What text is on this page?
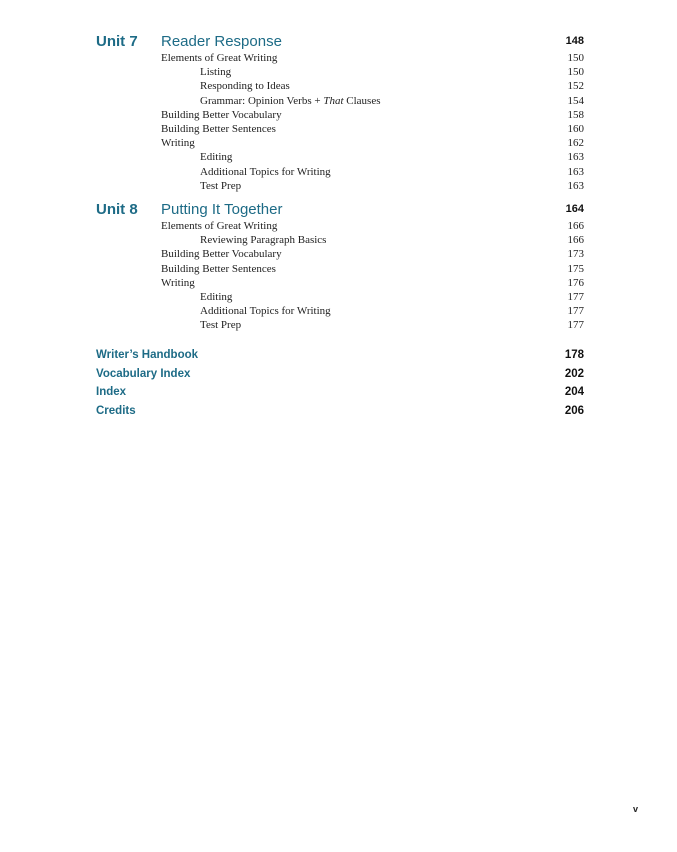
Unit 7 Reader Response	148
Elements of Great Writing	150
Listing	150
Responding to Ideas	152
Grammar: Opinion Verbs + That Clauses	154
Building Better Vocabulary	158
Building Better Sentences	160
Writing	162
Editing	163
Additional Topics for Writing	163
Test Prep	163
Unit 8 Putting It Together	164
Elements of Great Writing	166
Reviewing Paragraph Basics	166
Building Better Vocabulary	173
Building Better Sentences	175
Writing	176
Editing	177
Additional Topics for Writing	177
Test Prep	177
Writer’s Handbook	178
Vocabulary Index	202
Index	204
Credits	206
v
